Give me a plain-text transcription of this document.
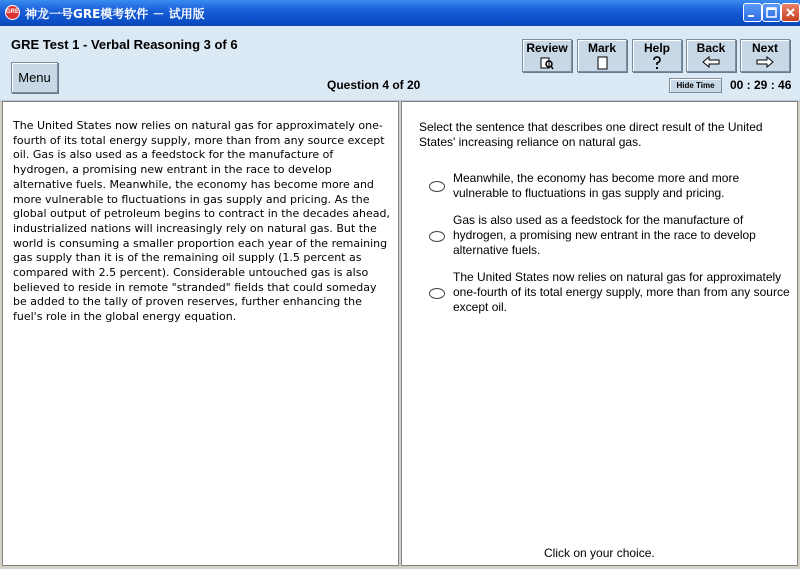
GRE 神龙一号GRE模考软件 － 试用版
GRE Test 1 - Verbal Reasoning 3 of 6
Menu	Question 4 of 20
Review	Mark	Help	Back	Next
Hide Time	00 : 29 : 46
The United States now relies on natural gas for approximately one-fourth of its total energy supply, more than from any source except oil. Gas is also used as a feedstock for the manufacture of hydrogen, a promising new entrant in the race to develop alternative fuels. Meanwhile, the economy has become more and more vulnerable to fluctuations in gas supply and pricing. As the global output of petroleum begins to contract in the decades ahead, industrialized nations will increasingly rely on natural gas. But the world is consuming a smaller proportion each year of the remaining gas supply than it is of the remaining oil supply (1.5 percent as compared with 2.5 percent). Considerable untouched gas is also believed to reside in remote "stranded" fields that could someday be added to the tally of proven reserves, further enhancing the fuel's role in the global energy equation.
Select the sentence that describes one direct result of the United States' increasing reliance on natural gas.
Meanwhile, the economy has become more and more vulnerable to fluctuations in gas supply and pricing.
Gas is also used as a feedstock for the manufacture of hydrogen, a promising new entrant in the race to develop alternative fuels.
The United States now relies on natural gas for approximately one-fourth of its total energy supply, more than from any source except oil.
Click on your choice.
